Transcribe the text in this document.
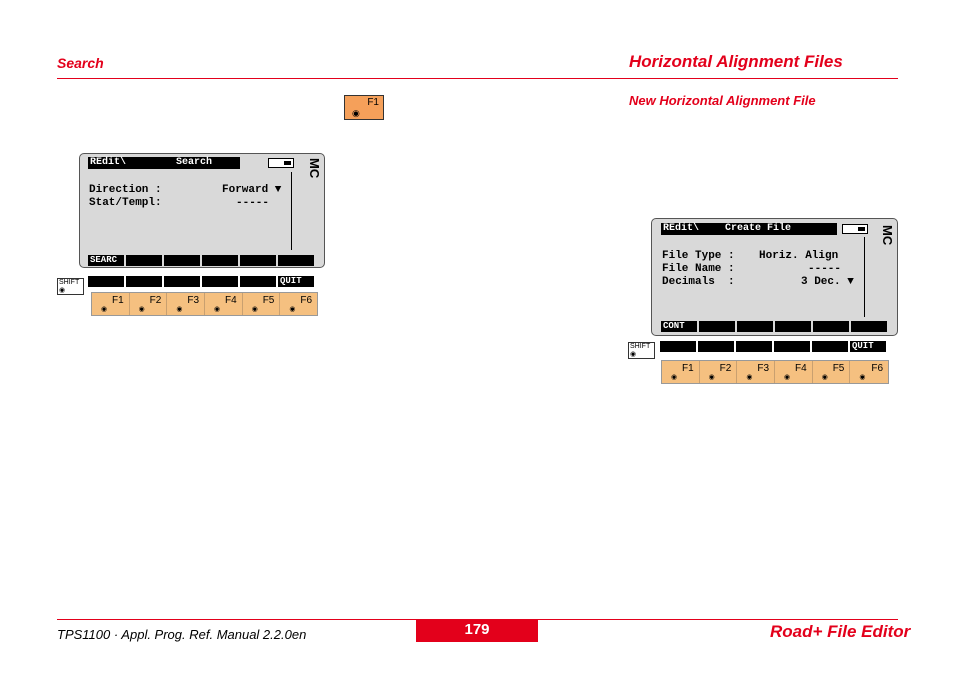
Search	Horizontal Alignment Files
New Horizontal Alignment File
F1
◉
REdit\	Search	MC
Direction :	Forward ▼
Stat/Templ:	-----
SEARC
SHIFT
◉
QUIT
F1
◉
F2
◉
F3
◉
F4
◉
F5
◉
F6
◉
REdit\	Create File	MC
File Type : Horiz. Align
File Name :	-----
Decimals  :	3 Dec. ▼
CONT
SHIFT
◉
QUIT
F1
◉
F2
◉
F3
◉
F4
◉
F5
◉
F6
◉
TPS1100 · Appl. Prog. Ref. Manual 2.2.0en	179	Road+ File Editor
